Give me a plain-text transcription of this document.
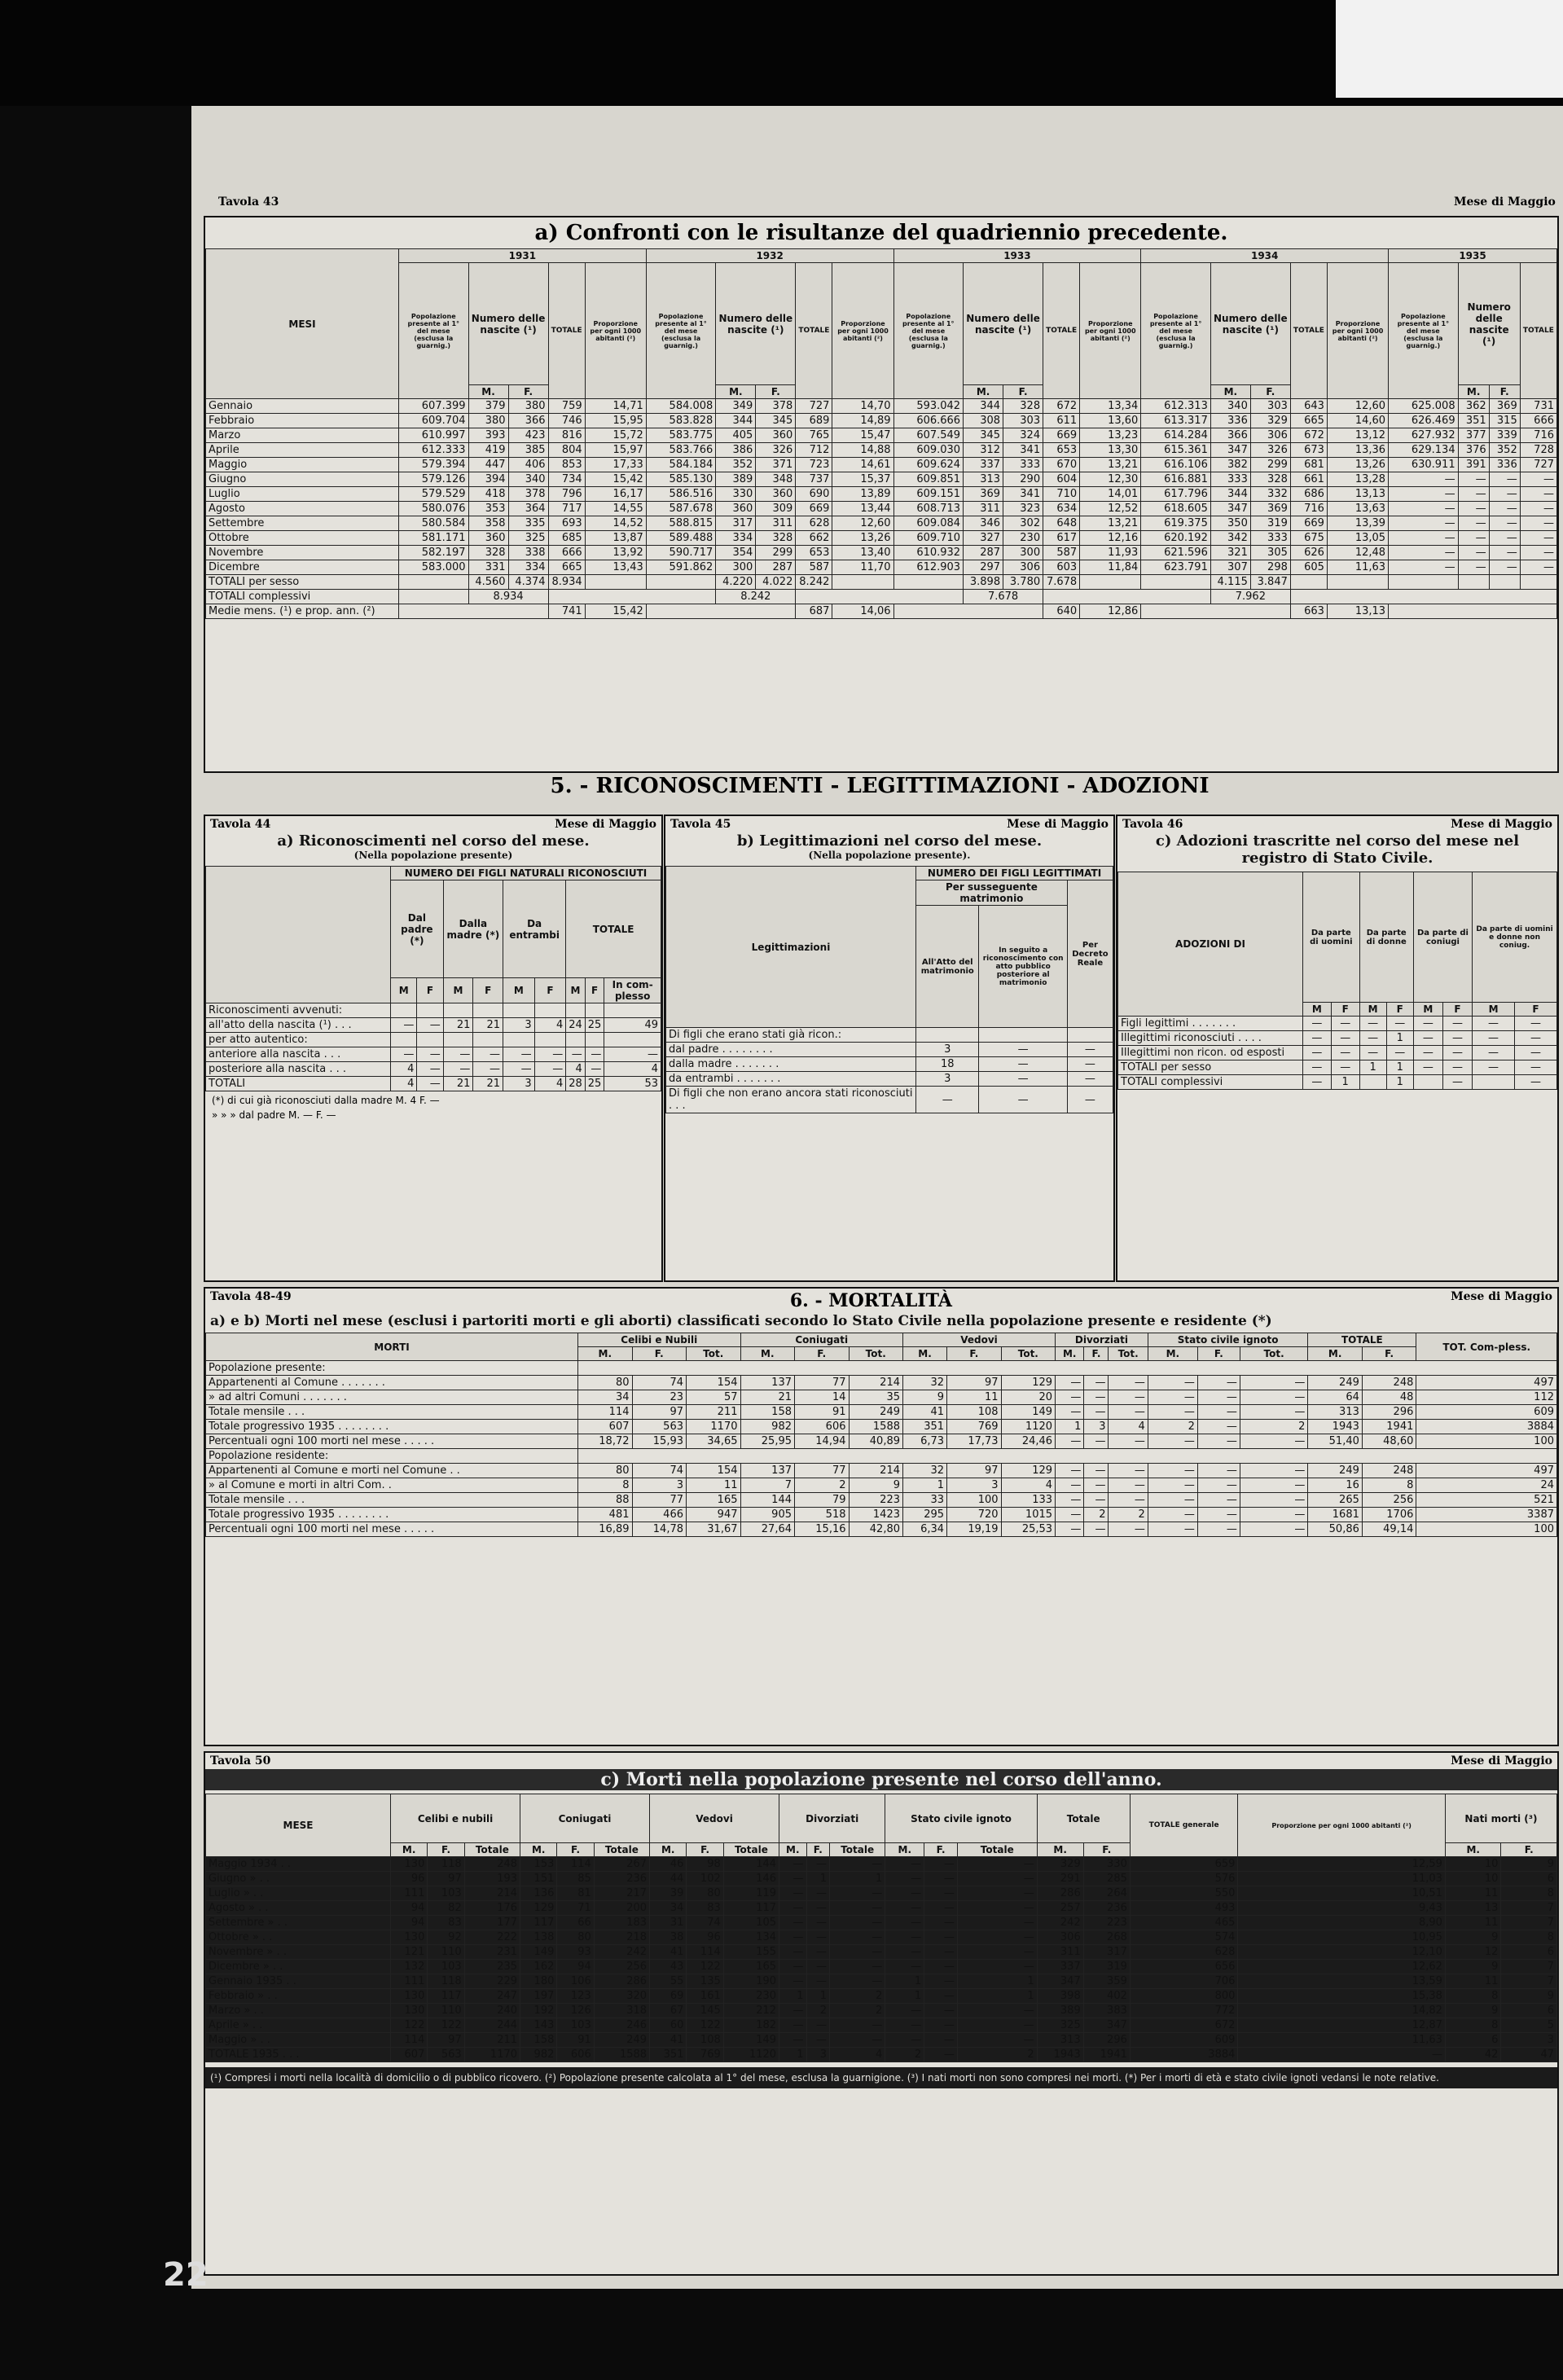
Tavola 43	Mese di Maggio
a) Confronti con le risultanze del quadriennio precedente.
MESI	1931					1932					1933					1934					1935			
	Popolazione presente al 1° del mese (esclusa la guarnig.)	Numero delle nascite (¹)		TOTALE	Proporzione per ogni 1000 abitanti (²)	Popolazione presente al 1° del mese (esclusa la guarnig.)	Numero delle nascite (¹)		TOTALE	Proporzione per ogni 1000 abitanti (²)	Popolazione presente al 1° del mese (esclusa la guarnig.)	Numero delle nascite (¹)		TOTALE	Proporzione per ogni 1000 abitanti (²)	Popolazione presente al 1° del mese (esclusa la guarnig.)	Numero delle nascite (¹)		TOTALE	Proporzione per ogni 1000 abitanti (²)	Popolazione presente al 1° del mese (esclusa la guarnig.)	Numero delle nascite (¹)		TOTALE
		M.	F.				M.	F.				M.	F.				M.	F.				M.	F.	
Gennaio	607.399	379	380	759	14,71	584.008	349	378	727	14,70	593.042	344	328	672	13,34	612.313	340	303	643	12,60	625.008	362	369	731
Febbraio	609.704	380	366	746	15,95	583.828	344	345	689	14,89	606.666	308	303	611	13,60	613.317	336	329	665	14,60	626.469	351	315	666
Marzo	610.997	393	423	816	15,72	583.775	405	360	765	15,47	607.549	345	324	669	13,23	614.284	366	306	672	13,12	627.932	377	339	716
Aprile	612.333	419	385	804	15,97	583.766	386	326	712	14,88	609.030	312	341	653	13,30	615.361	347	326	673	13,36	629.134	376	352	728
Maggio	579.394	447	406	853	17,33	584.184	352	371	723	14,61	609.624	337	333	670	13,21	616.106	382	299	681	13,26	630.911	391	336	727
Giugno	579.126	394	340	734	15,42	585.130	389	348	737	15,37	609.851	313	290	604	12,30	616.881	333	328	661	13,28	—	—	—	—
Luglio	579.529	418	378	796	16,17	586.516	330	360	690	13,89	609.151	369	341	710	14,01	617.796	344	332	686	13,13	—	—	—	—
Agosto	580.076	353	364	717	14,55	587.678	360	309	669	13,44	608.713	311	323	634	12,52	618.605	347	369	716	13,63	—	—	—	—
Settembre	580.584	358	335	693	14,52	588.815	317	311	628	12,60	609.084	346	302	648	13,21	619.375	350	319	669	13,39	—	—	—	—
Ottobre	581.171	360	325	685	13,87	589.488	334	328	662	13,26	609.710	327	230	617	12,16	620.192	342	333	675	13,05	—	—	—	—
Novembre	582.197	328	338	666	13,92	590.717	354	299	653	13,40	610.932	287	300	587	11,93	621.596	321	305	626	12,48	—	—	—	—
Dicembre	583.000	331	334	665	13,43	591.862	300	287	587	11,70	612.903	297	306	603	11,84	623.791	307	298	605	11,63	—	—	—	—
TOTALI per sesso		4.560	4.374	8.934			4.220	4.022	8.242			3.898	3.780	7.678			4.115	3.847						
TOTALI complessivi		8.934					8.242					7.678					7.962							
Medie mens. (¹) e prop. ann. (²)				741	15,42				687	14,06				640	12,86				663	13,13				
5. - RICONOSCIMENTI - LEGITTIMAZIONI - ADOZIONI
Tavola 44	Mese di Maggio
a) Riconoscimenti nel corso del mese.
(Nella popolazione presente)
	NUMERO DEI FIGLI NATURALI RICONOSCIUTI								
	Dal padre (*)		Dalla madre (*)		Da entrambi		TOTALE		
	M	F	M	F	M	F	M	F	In com-plesso
Riconoscimenti avvenuti:									
all'atto della nascita (¹) . . .	—	—	21	21	3	4	24	25	49
per atto autentico:									
anteriore alla nascita . . .	—	—	—	—	—	—	—	—	—
posteriore alla nascita . . .	4	—	—	—	—	—	4	—	4
TOTALI	4	—	21	21	3	4	28	25	53
(*) di cui già riconosciuti dalla madre M. 4 F. —
» » » dal padre M. — F. —
Tavola 45	Mese di Maggio
b) Legittimazioni nel corso del mese.
(Nella popolazione presente).
Legittimazioni	NUMERO DEI FIGLI LEGITTIMATI		
	Per susseguente matrimonio		Per Decreto Reale
	All'Atto del matrimonio	In seguito a riconoscimento con atto pubblico posteriore al matrimonio	
Di figli che erano stati già ricon.:			
dal padre . . . . . . . .	3	—	—
dalla madre . . . . . . .	18	—	—
da entrambi . . . . . . .	3	—	—
Di figli che non erano ancora stati riconosciuti . . .	—	—	—
Tavola 46	Mese di Maggio
c) Adozioni trascritte nel corso del mese nel registro di Stato Civile.
ADOZIONI DI	Da parte di uomini		Da parte di donne		Da parte di coniugi		Da parte di uomini e donne non coniug.	
	M	F	M	F	M	F	M	F
Figli legittimi . . . . . . .	—	—	—	—	—	—	—	—
Illegittimi riconosciuti . . . .	—	—	—	1	—	—	—	—
Illegittimi non ricon. od esposti	—	—	—	—	—	—	—	—
TOTALI per sesso	—	—	1	1	—	—	—	—
TOTALI complessivi	—	1		1		—		—
Tavola 48-49	6. - MORTALITÀ	Mese di Maggio
a) e b) Morti nel mese (esclusi i partoriti morti e gli aborti) classificati secondo lo Stato Civile nella popolazione presente e residente (*)
MORTI	Celibi e Nubili			Coniugati			Vedovi			Divorziati			Stato civile ignoto			TOTALE		TOT. Com-pless.
	M.	F.	Tot.	M.	F.	Tot.	M.	F.	Tot.	M.	F.	Tot.	M.	F.	Tot.	M.	F.	
Popolazione presente:																		
Appartenenti al Comune . . . . . . .	80	74	154	137	77	214	32	97	129	—	—	—	—	—	—	249	248	497
» ad altri Comuni . . . . . . .	34	23	57	21	14	35	9	11	20	—	—	—	—	—	—	64	48	112
Totale mensile . . .	114	97	211	158	91	249	41	108	149	—	—	—	—	—	—	313	296	609
Totale progressivo 1935 . . . . . . . .	607	563	1170	982	606	1588	351	769	1120	1	3	4	2	—	2	1943	1941	3884
Percentuali ogni 100 morti nel mese . . . . .	18,72	15,93	34,65	25,95	14,94	40,89	6,73	17,73	24,46	—	—	—	—	—	—	51,40	48,60	100
Popolazione residente:																		
Appartenenti al Comune e morti nel Comune . .	80	74	154	137	77	214	32	97	129	—	—	—	—	—	—	249	248	497
» al Comune e morti in altri Com. .	8	3	11	7	2	9	1	3	4	—	—	—	—	—	—	16	8	24
Totale mensile . . .	88	77	165	144	79	223	33	100	133	—	—	—	—	—	—	265	256	521
Totale progressivo 1935 . . . . . . . .	481	466	947	905	518	1423	295	720	1015	—	2	2	—	—	—	1681	1706	3387
Percentuali ogni 100 morti nel mese . . . . .	16,89	14,78	31,67	27,64	15,16	42,80	6,34	19,19	25,53	—	—	—	—	—	—	50,86	49,14	100
Tavola 50	Mese di Maggio
c) Morti nella popolazione presente nel corso dell'anno.
MESE	Celibi e nubili			Coniugati			Vedovi			Divorziati			Stato civile ignoto			Totale		TOTALE generale	Proporzione per ogni 1000 abitanti (²)	Nati morti (³)	
	M.	F.	Totale	M.	F.	Totale	M.	F.	Totale	M.	F.	Totale	M.	F.	Totale	M.	F.			M.	F.
Maggio 1934 . .	130	118	248	153	114	267	46	98	144	—	—	—	—	—	—	329	330	659	12,59	10	9
Giugno » . .	96	97	193	151	85	236	44	102	146	—	1	1	—	—	—	291	285	576	11,03	10	6
Luglio » . .	111	103	214	136	81	217	39	80	119	—	—	—	—	—	—	286	264	550	10,51	11	8
Agosto » . .	94	82	176	129	71	200	34	83	117	—	—	—	—	—	—	257	236	493	9,43	13	7
Settembre » . .	94	83	177	117	66	183	31	74	105	—	—	—	—	—	—	242	223	465	8,90	11	7
Ottobre » . .	130	92	222	138	80	218	38	96	134	—	—	—	—	—	—	306	268	574	10,95	9	8
Novembre » . .	121	110	231	149	93	242	41	114	155	—	—	—	—	—	—	311	317	628	12,10	12	6
Dicembre » . .	132	103	235	162	94	256	43	122	165	—	—	—	—	—	—	337	319	656	12,62	9	7
Gennaio 1935 . .	111	118	229	180	106	286	55	135	190	—	—	—	1	—	1	347	359	706	13,59	11	7
Febbraio » . .	130	117	247	197	123	320	69	161	230	1	1	2	1	—	1	398	402	800	15,38	8	9
Marzo » . .	130	110	240	192	126	318	67	145	212	—	2	2	—	—	—	389	383	772	14,82	9	6
Aprile » . .	122	122	244	143	103	246	60	122	182	—	—	—	—	—	—	325	347	672	12,87	8	5
Maggio » . .	114	97	211	158	91	249	41	108	149	—	—	—	—	—	—	313	296	609	11,63	6	3
TOTALE 1935 . . .	607	563	1170	982	606	1588	351	769	1120	1	3	4	2	—	2	1943	1941	3884	—	42	47
(¹) Compresi i morti nella località di domicilio o di pubblico ricovero. (²) Popolazione presente calcolata al 1° del mese, esclusa la guarnigione. (³) I nati morti non sono compresi nei morti. (*) Per i morti di età e stato civile ignoti vedansi le note relative.
22
